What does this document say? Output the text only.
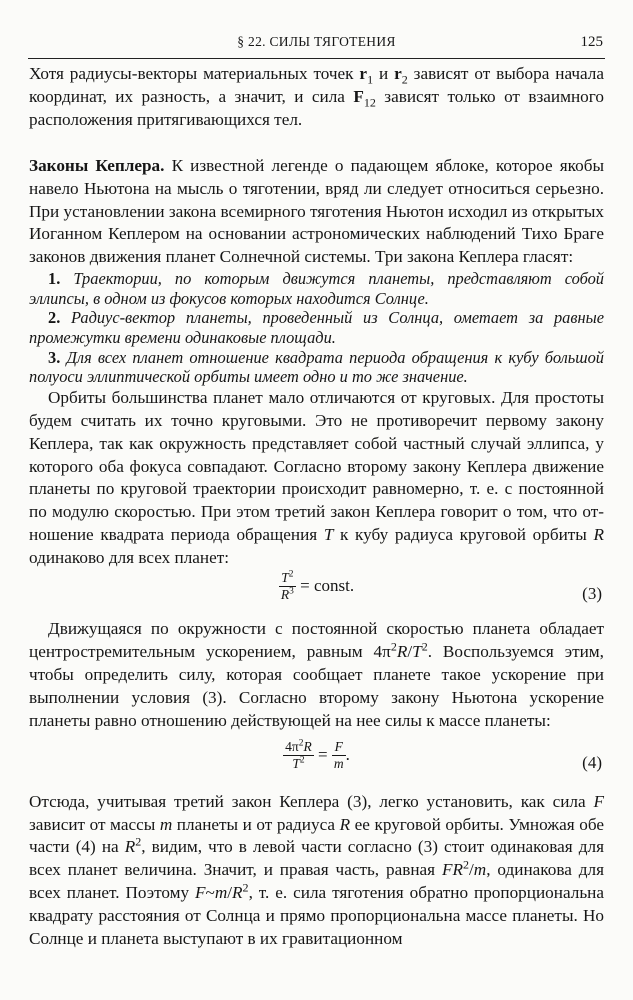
§ 22. СИЛЫ ТЯГОТЕНИЯ	125

Хотя радиусы-векторы материальных точек $r_1$ и $r_2$ зависят от выбора начала координат, их разность, а значит, и сила $F_{12}$ зависят только от взаимного расположения притягивающихся тел.

Законы Кеплера. К известной легенде о падающем яблоке, которое якобы навело Ньютона на мысль о тяготении, вряд ли следует относиться серьезно. При установлении закона всемирного тяготения Ньютон исходил из открытых Иоганном Кеплером на основании астрономических наблюдений Тихо Браге законов движения планет Солнечной системы. Три закона Кеплера гласят:

1. Траектории, по которым движутся планеты, представляют собой эллипсы, в одном из фокусов которых находится Солнце.

2. Радиус-вектор планеты, проведенный из Солнца, ометает за равные промежутки времени одинаковые площади.

3. Для всех планет отношение квадрата периода обращения к кубу большой полуоси эллиптической орбиты имеет одно и то же значение.

Орбиты большинства планет мало отличаются от круговых. Для простоты будем считать их точно круговыми. Это не противоречит первому закону Кеплера, так как окружность представляет собой частный случай эллипса, у которого оба фокуса совпадают. Согласно второму закону Кеплера движение планеты по круговой траектории происходит равномерно, т. е. с постоянной по модулю скоростью. При этом третий закон Кеплера говорит о том, что отношение квадрата периода обращения T к кубу радиуса круговой орбиты R одинаково для всех планет:

$\frac{T^2}{R^3}$ = const.	(3)

Движущаяся по окружности с постоянной скоростью планета обладает центростремительным ускорением, равным $4\pi^2R/T^2$. Воспользуемся этим, чтобы определить силу, которая сообщает планете такое ускорение при выполнении условия (3). Согласно второму закону Ньютона ускорение планеты равно отношению действующей на нее силы к массе планеты:

$\frac{4\pi^2R}{T^2} = \frac{F}{m}$ .	(4)

Отсюда, учитывая третий закон Кеплера (3), легко установить, как сила F зависит от массы m планеты и от радиуса R ее круговой орбиты. Умножая обе части (4) на $R^2$, видим, что в левой части согласно (3) стоит одинаковая для всех планет величина. Значит, и правая часть, равная $FR^2/m$, одинакова для всех планет. Поэтому $F\sim m/R^2$, т. е. сила тяготения обратно пропорциональна квадрату расстояния от Солнца и прямо пропорциональна массе планеты. Но Солнце и планета выступают в их гравитационном
